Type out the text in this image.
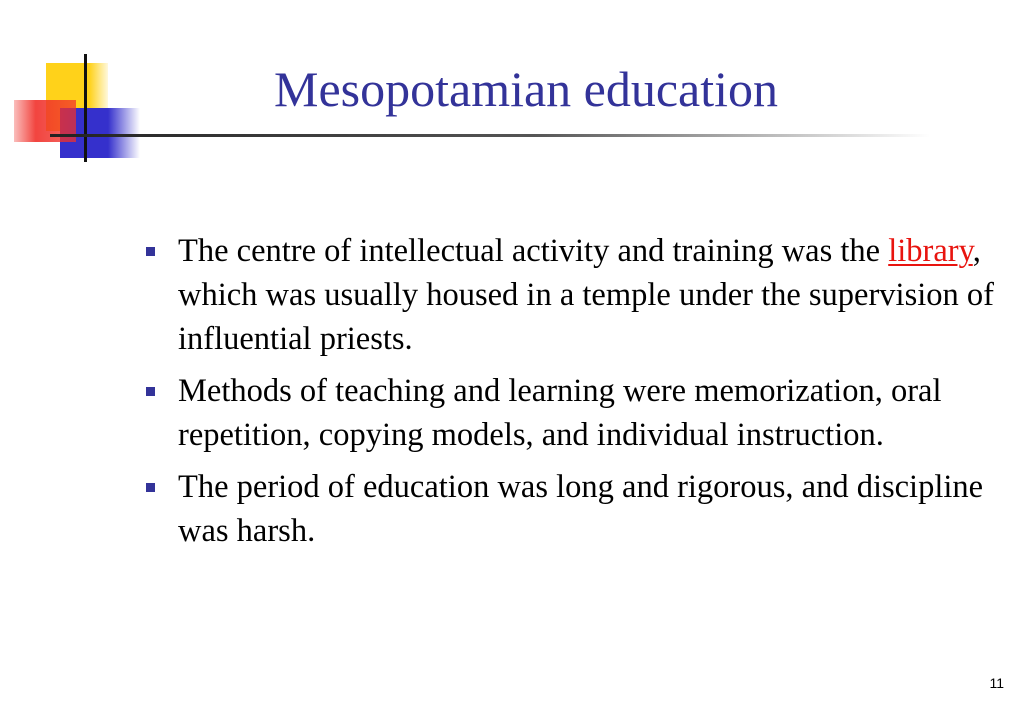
Mesopotamian education
The centre of intellectual activity and training was the library, which was usually housed in a temple under the supervision of influential priests.
Methods of teaching and learning were memorization, oral repetition, copying models, and individual instruction.
The period of education was long and rigorous, and discipline was harsh.
11
